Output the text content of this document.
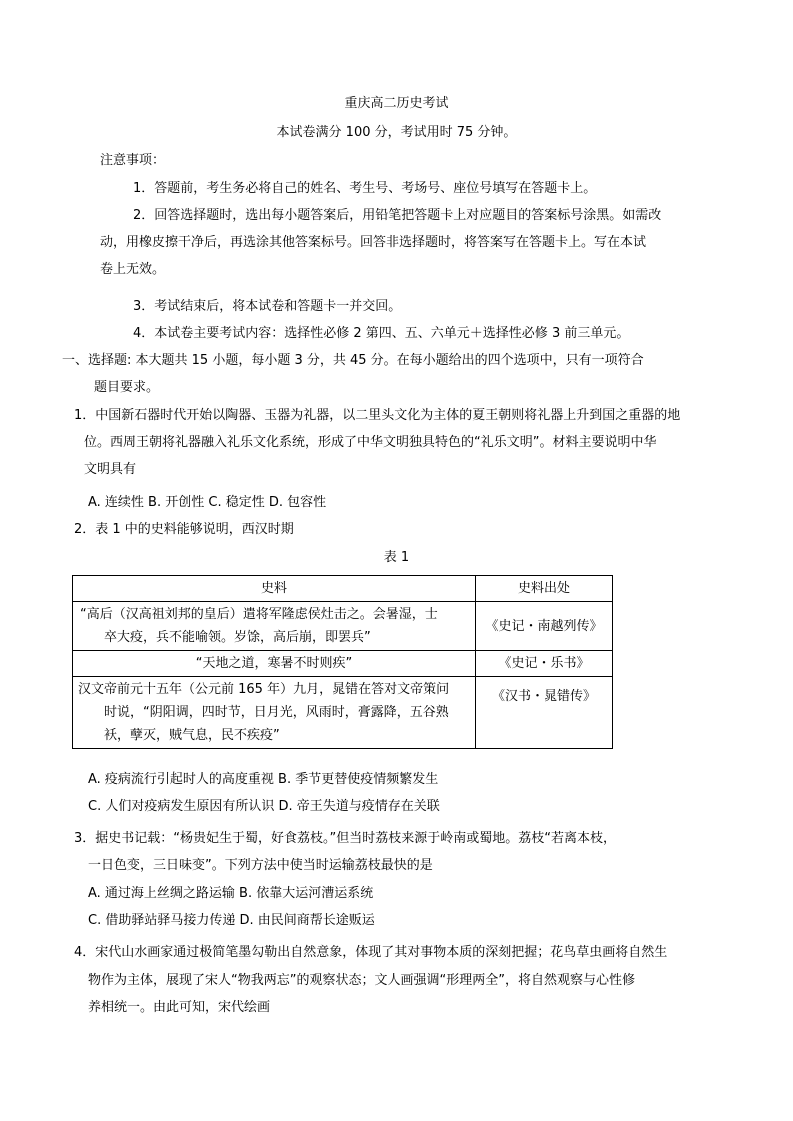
重庆高二历史考试
本试卷满分 100 分，考试用时 75 分钟。
注意事项：
1．答题前，考生务必将自己的姓名、考生号、考场号、座位号填写在答题卡上。
2．回答选择题时，选出每小题答案后，用铅笔把答题卡上对应题目的答案标号涂黑。如需改
动，用橡皮擦干净后，再选涂其他答案标号。回答非选择题时，将答案写在答题卡上。写在本试
卷上无效。
3．考试结束后，将本试卷和答题卡一并交回。
4．本试卷主要考试内容：选择性必修 2 第四、五、六单元＋选择性必修 3 前三单元。
一、选择题: 本大题共 15 小题，每小题 3 分，共 45 分。在每小题给出的四个选项中，只有一项符合
题目要求。
1．中国新石器时代开始以陶器、玉器为礼器，以二里头文化为主体的夏王朝则将礼器上升到国之重器的地
位。西周王朝将礼器融入礼乐文化系统，形成了中华文明独具特色的“礼乐文明”。材料主要说明中华
文明具有
A. 连续性 B. 开创性 C. 稳定性 D. 包容性
2．表 1 中的史料能够说明，西汉时期
表 1
史料	史料出处

“高后（汉高祖刘邦的皇后）遣将军隆虑侯灶击之。会暑湿，士
卒大疫，兵不能喻领。岁馀，高后崩，即罢兵”	《史记・南越列传》
“天地之道，寒暑不时则疾”	《史记・乐书》

汉文帝前元十五年（公元前 165 年）九月，晁错在答对文帝策问
时说，“阴阳调，四时节，日月光，风雨时，膏露降，五谷熟
袄，孽灭，贼气息，民不疾疫”	《汉书・晁错传》
A. 疫病流行引起时人的高度重视 B. 季节更替使疫情频繁发生
C. 人们对疫病发生原因有所认识 D. 帝王失道与疫情存在关联
3．据史书记载：“杨贵妃生于蜀，好食荔枝。”但当时荔枝来源于岭南或蜀地。荔枝“若离本枝，
一日色变，三日味变”。下列方法中使当时运输荔枝最快的是
A. 通过海上丝绸之路运输 B. 依靠大运河漕运系统
C. 借助驿站驿马接力传递 D. 由民间商帮长途贩运
4．宋代山水画家通过极简笔墨勾勒出自然意象，体现了其对事物本质的深刻把握；花鸟草虫画将自然生
物作为主体，展现了宋人“物我两忘”的观察状态；文人画强调“形理两全”，将自然观察与心性修
养相统一。由此可知，宋代绘画
